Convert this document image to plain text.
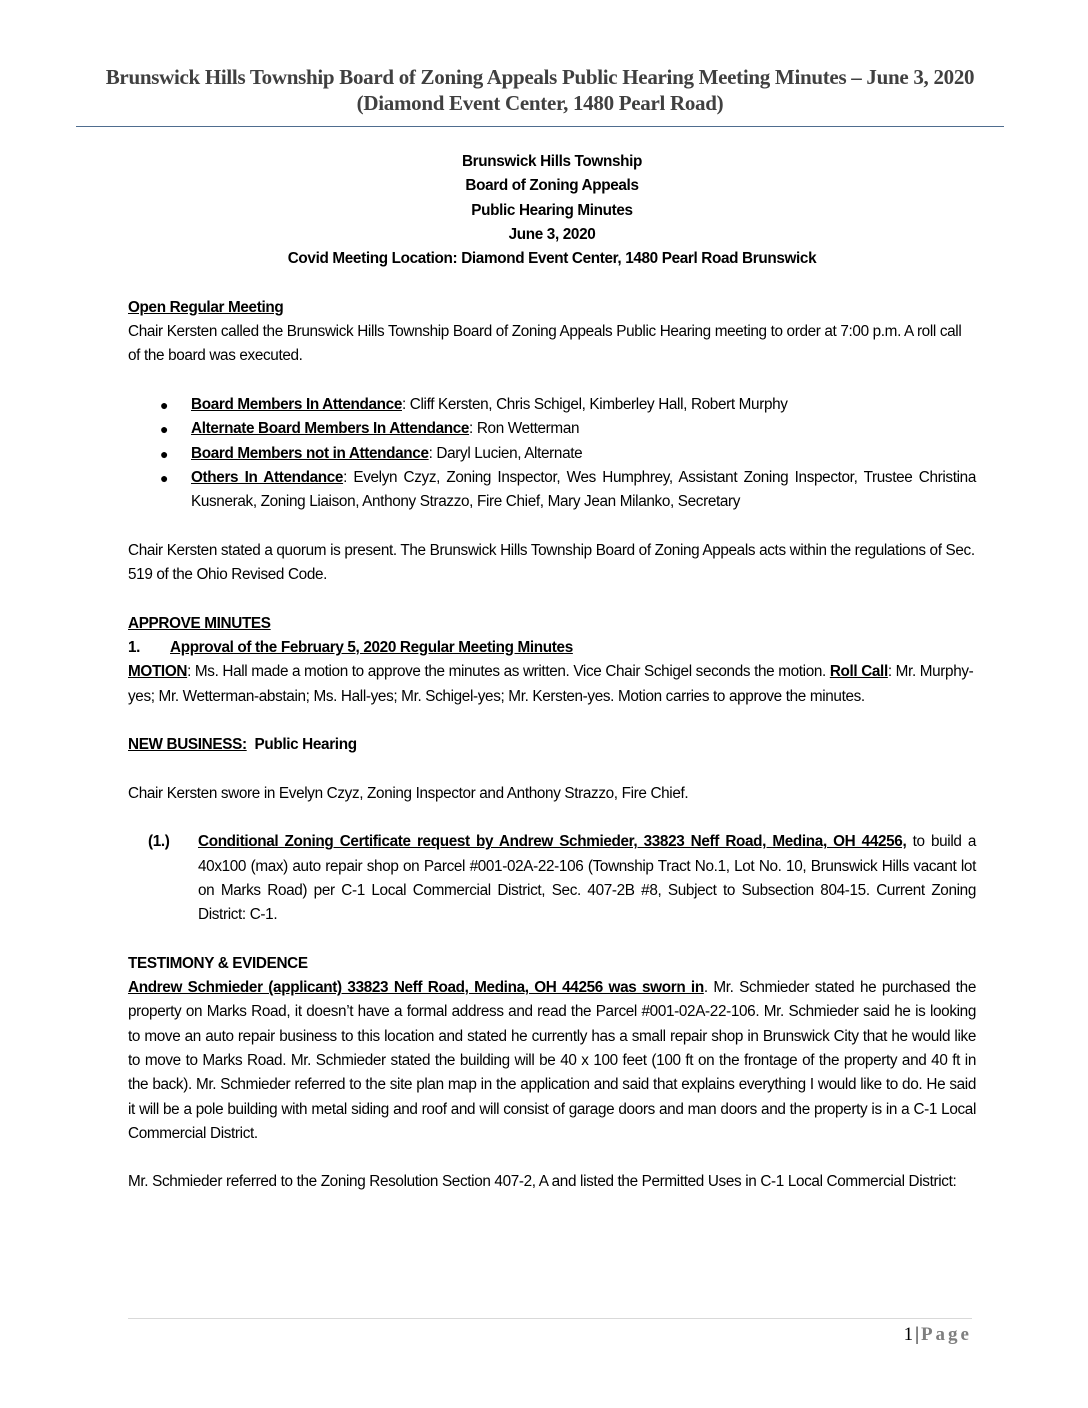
Brunswick Hills Township Board of Zoning Appeals Public Hearing Meeting Minutes – June 3, 2020
(Diamond Event Center, 1480 Pearl Road)
Brunswick Hills Township
Board of Zoning Appeals
Public Hearing Minutes
June 3, 2020
Covid Meeting Location: Diamond Event Center, 1480 Pearl Road Brunswick

Open Regular Meeting

Chair Kersten called the Brunswick Hills Township Board of Zoning Appeals Public Hearing meeting to order at 7:00 p.m. A roll call of the board was executed.

● Board Members In Attendance: Cliff Kersten, Chris Schigel, Kimberley Hall, Robert Murphy
● Alternate Board Members In Attendance: Ron Wetterman
● Board Members not in Attendance: Daryl Lucien, Alternate
● Others In Attendance: Evelyn Czyz, Zoning Inspector, Wes Humphrey, Assistant Zoning Inspector, Trustee Christina Kusnerak, Zoning Liaison, Anthony Strazzo, Fire Chief, Mary Jean Milanko, Secretary

Chair Kersten stated a quorum is present. The Brunswick Hills Township Board of Zoning Appeals acts within the regulations of Sec. 519 of the Ohio Revised Code.

APPROVE MINUTES

1.	Approval of the February 5, 2020 Regular Meeting Minutes

MOTION: Ms. Hall made a motion to approve the minutes as written. Vice Chair Schigel seconds the motion. Roll Call: Mr. Murphy-yes; Mr. Wetterman-abstain; Ms. Hall-yes; Mr. Schigel-yes; Mr. Kersten-yes. Motion carries to approve the minutes.

NEW BUSINESS:  Public Hearing

Chair Kersten swore in Evelyn Czyz, Zoning Inspector and Anthony Strazzo, Fire Chief.

(1.)	Conditional Zoning Certificate request by Andrew Schmieder, 33823 Neff Road, Medina, OH 44256, to build a 40x100 (max) auto repair shop on Parcel #001-02A-22-106 (Township Tract No.1, Lot No. 10, Brunswick Hills vacant lot on Marks Road) per C-1 Local Commercial District, Sec. 407-2B #8, Subject to Subsection 804-15. Current Zoning District: C-1.

TESTIMONY & EVIDENCE

Andrew Schmieder (applicant) 33823 Neff Road, Medina, OH 44256 was sworn in. Mr. Schmieder stated he purchased the property on Marks Road, it doesn’t have a formal address and read the Parcel #001-02A-22-106. Mr. Schmieder said he is looking to move an auto repair business to this location and stated he currently has a small repair shop in Brunswick City that he would like to move to Marks Road. Mr. Schmieder stated the building will be 40 x 100 feet (100 ft on the frontage of the property and 40 ft in the back). Mr. Schmieder referred to the site plan map in the application and said that explains everything I would like to do. He said it will be a pole building with metal siding and roof and will consist of garage doors and man doors and the property is in a C-1 Local Commercial District.

Mr. Schmieder referred to the Zoning Resolution Section 407-2, A and listed the Permitted Uses in C-1 Local Commercial District:

1 | Page
